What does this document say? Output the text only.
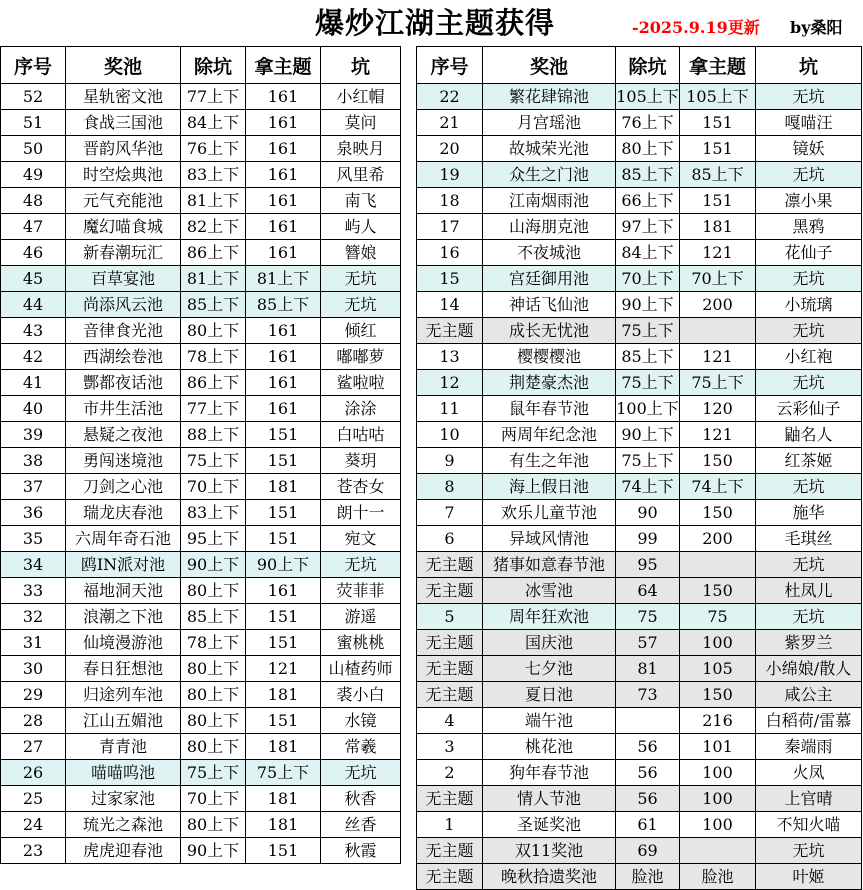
爆炒江湖主题获得	-2025.9.19更新 by桑阳
序号	奖池	除坑	拿主题	坑
52	星轨密文池	77上下	161	小红帽
51	食战三国池	84上下	161	莫问
50	晋韵风华池	76上下	161	泉映月
49	时空烩典池	83上下	161	风里希
48	元气充能池	81上下	161	南飞
47	魔幻喵食城	82上下	161	屿人
46	新春潮玩汇	86上下	161	簪娘
45	百草宴池	81上下	81上下	无坑
44	尚添风云池	85上下	85上下	无坑
43	音律食光池	80上下	161	倾红
42	西湖绘卷池	78上下	161	嘟嘟萝
41	酆都夜话池	86上下	161	鲨啦啦
40	市井生活池	77上下	161	涂涂
39	悬疑之夜池	88上下	151	白咕咕
38	勇闯迷境池	75上下	151	葵玥
37	刀剑之心池	70上下	181	苍杏女
36	瑞龙庆春池	83上下	151	朗十一
35	六周年奇石池	95上下	151	宛文
34	鸥IN派对池	90上下	90上下	无坑
33	福地洞天池	80上下	161	荧菲菲
32	浪潮之下池	85上下	151	游遥
31	仙境漫游池	78上下	151	蜜桃桃
30	春日狂想池	80上下	121	山楂药师
29	归途列车池	80上下	181	裘小白
28	江山五媚池	80上下	151	水镜
27	青青池	80上下	181	常羲
26	喵喵呜池	75上下	75上下	无坑
25	过家家池	70上下	181	秋香
24	琉光之森池	80上下	181	丝香
23	虎虎迎春池	90上下	151	秋霞
序号	奖池	除坑	拿主题	坑
22	繁花肆锦池	105上下	105上下	无坑
21	月宫瑶池	76上下	151	嘎喵汪
20	故城荣光池	80上下	151	镜妖
19	众生之门池	85上下	85上下	无坑
18	江南烟雨池	66上下	151	凛小果
17	山海朋克池	97上下	181	黑鸦
16	不夜城池	84上下	121	花仙子
15	宫廷御用池	70上下	70上下	无坑
14	神话飞仙池	90上下	200	小琉璃
无主题	成长无忧池	75上下		无坑
13	樱樱樱池	85上下	121	小红袍
12	荆楚豪杰池	75上下	75上下	无坑
11	鼠年春节池	100上下	120	云彩仙子
10	两周年纪念池	90上下	121	鼬名人
9	有生之年池	75上下	150	红茶姬
8	海上假日池	74上下	74上下	无坑
7	欢乐儿童节池	90	150	施华
6	异域风情池	99	200	毛琪丝
无主题	猪事如意春节池	95		无坑
无主题	冰雪池	64	150	杜凤儿
5	周年狂欢池	75	75	无坑
无主题	国庆池	57	100	紫罗兰
无主题	七夕池	81	105	小绵娘/散人
无主题	夏日池	73	150	咸公主
4	端午池		216	白稻荷/雷慕
3	桃花池	56	101	秦端雨
2	狗年春节池	56	100	火凤
无主题	情人节池	56	100	上官晴
1	圣诞奖池	61	100	不知火喵
无主题	双11奖池	69		无坑
无主题	晚秋拾遗奖池	脸池	脸池	叶姬
